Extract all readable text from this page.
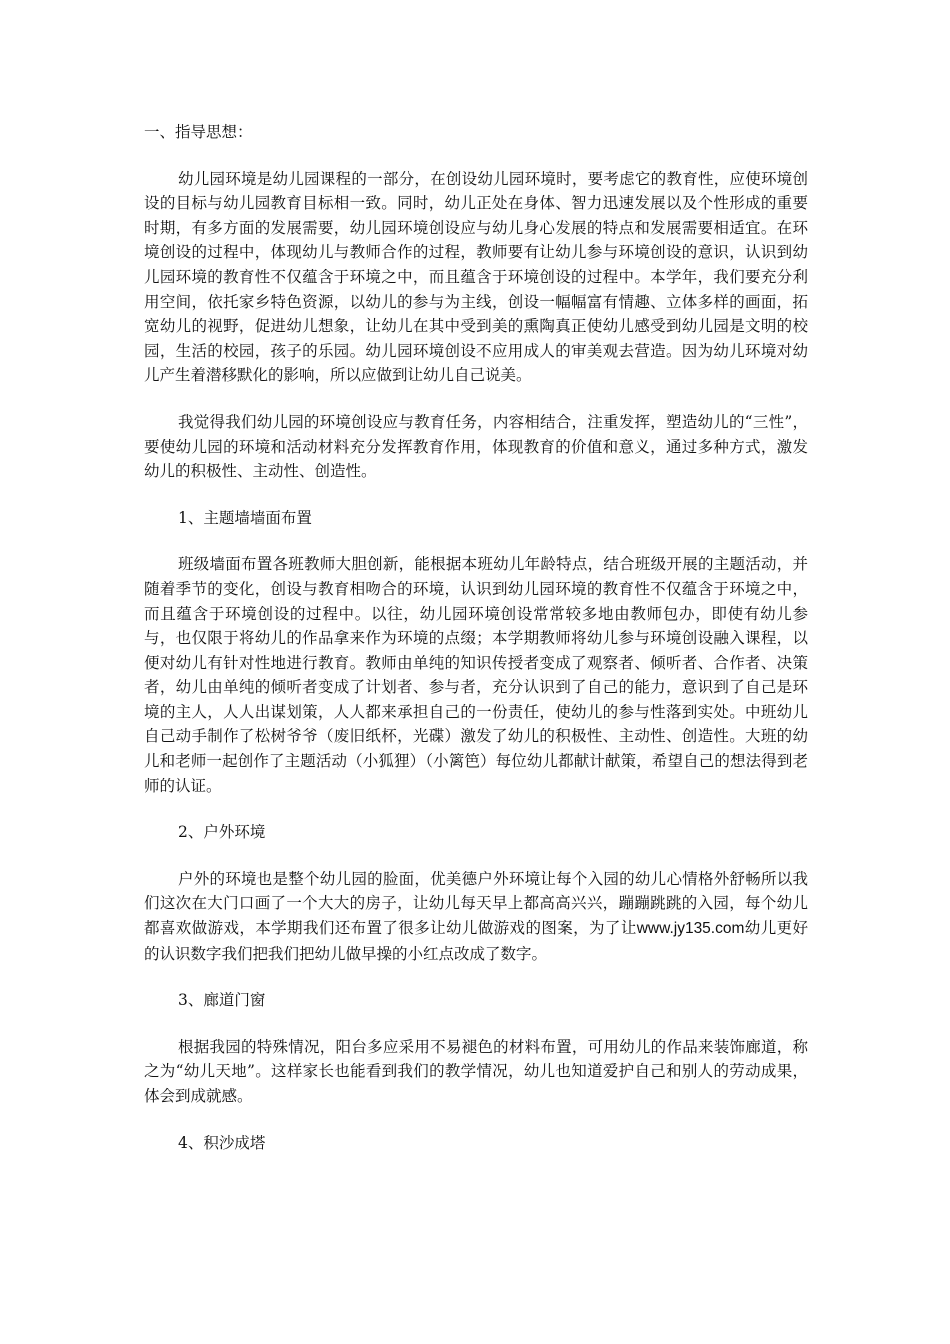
一、指导思想：

幼儿园环境是幼儿园课程的一部分，在创设幼儿园环境时，要考虑它的教育性，应使环境创设的目标与幼儿园教育目标相一致。同时，幼儿正处在身体、智力迅速发展以及个性形成的重要时期，有多方面的发展需要，幼儿园环境创设应与幼儿身心发展的特点和发展需要相适宜。在环境创设的过程中，体现幼儿与教师合作的过程，教师要有让幼儿参与环境创设的意识，认识到幼儿园环境的教育性不仅蕴含于环境之中，而且蕴含于环境创设的过程中。本学年，我们要充分利用空间，依托家乡特色资源，以幼儿的参与为主线，创设一幅幅富有情趣、立体多样的画面，拓宽幼儿的视野，促进幼儿想象，让幼儿在其中受到美的熏陶真正使幼儿感受到幼儿园是文明的校园，生活的校园，孩子的乐园。幼儿园环境创设不应用成人的审美观去营造。因为幼儿环境对幼儿产生着潜移默化的影响，所以应做到让幼儿自己说美。

我觉得我们幼儿园的环境创设应与教育任务，内容相结合，注重发挥，塑造幼儿的“三性”，要使幼儿园的环境和活动材料充分发挥教育作用，体现教育的价值和意义，通过多种方式，激发幼儿的积极性、主动性、创造性。

1、主题墙墙面布置

班级墙面布置各班教师大胆创新，能根据本班幼儿年龄特点，结合班级开展的主题活动，并随着季节的变化，创设与教育相吻合的环境，认识到幼儿园环境的教育性不仅蕴含于环境之中，而且蕴含于环境创设的过程中。以往，幼儿园环境创设常常较多地由教师包办，即使有幼儿参与，也仅限于将幼儿的作品拿来作为环境的点缀；本学期教师将幼儿参与环境创设融入课程，以便对幼儿有针对性地进行教育。教师由单纯的知识传授者变成了观察者、倾听者、合作者、决策者，幼儿由单纯的倾听者变成了计划者、参与者，充分认识到了自己的能力，意识到了自己是环境的主人，人人出谋划策，人人都来承担自己的一份责任，使幼儿的参与性落到实处。中班幼儿自己动手制作了松树爷爷（废旧纸杯，光碟）激发了幼儿的积极性、主动性、创造性。大班的幼儿和老师一起创作了主题活动（小狐狸）（小篱笆）每位幼儿都献计献策，希望自己的想法得到老师的认证。

2、户外环境

户外的环境也是整个幼儿园的脸面，优美德户外环境让每个入园的幼儿心情格外舒畅所以我们这次在大门口画了一个大大的房子，让幼儿每天早上都高高兴兴，蹦蹦跳跳的入园，每个幼儿都喜欢做游戏，本学期我们还布置了很多让幼儿做游戏的图案，为了让www.jy135.com幼儿更好的认识数字我们把我们把幼儿做早操的小红点改成了数字。

3、廊道门窗

根据我园的特殊情况，阳台多应采用不易褪色的材料布置，可用幼儿的作品来装饰廊道，称之为“幼儿天地”。这样家长也能看到我们的教学情况，幼儿也知道爱护自己和别人的劳动成果，体会到成就感。

4、积沙成塔
